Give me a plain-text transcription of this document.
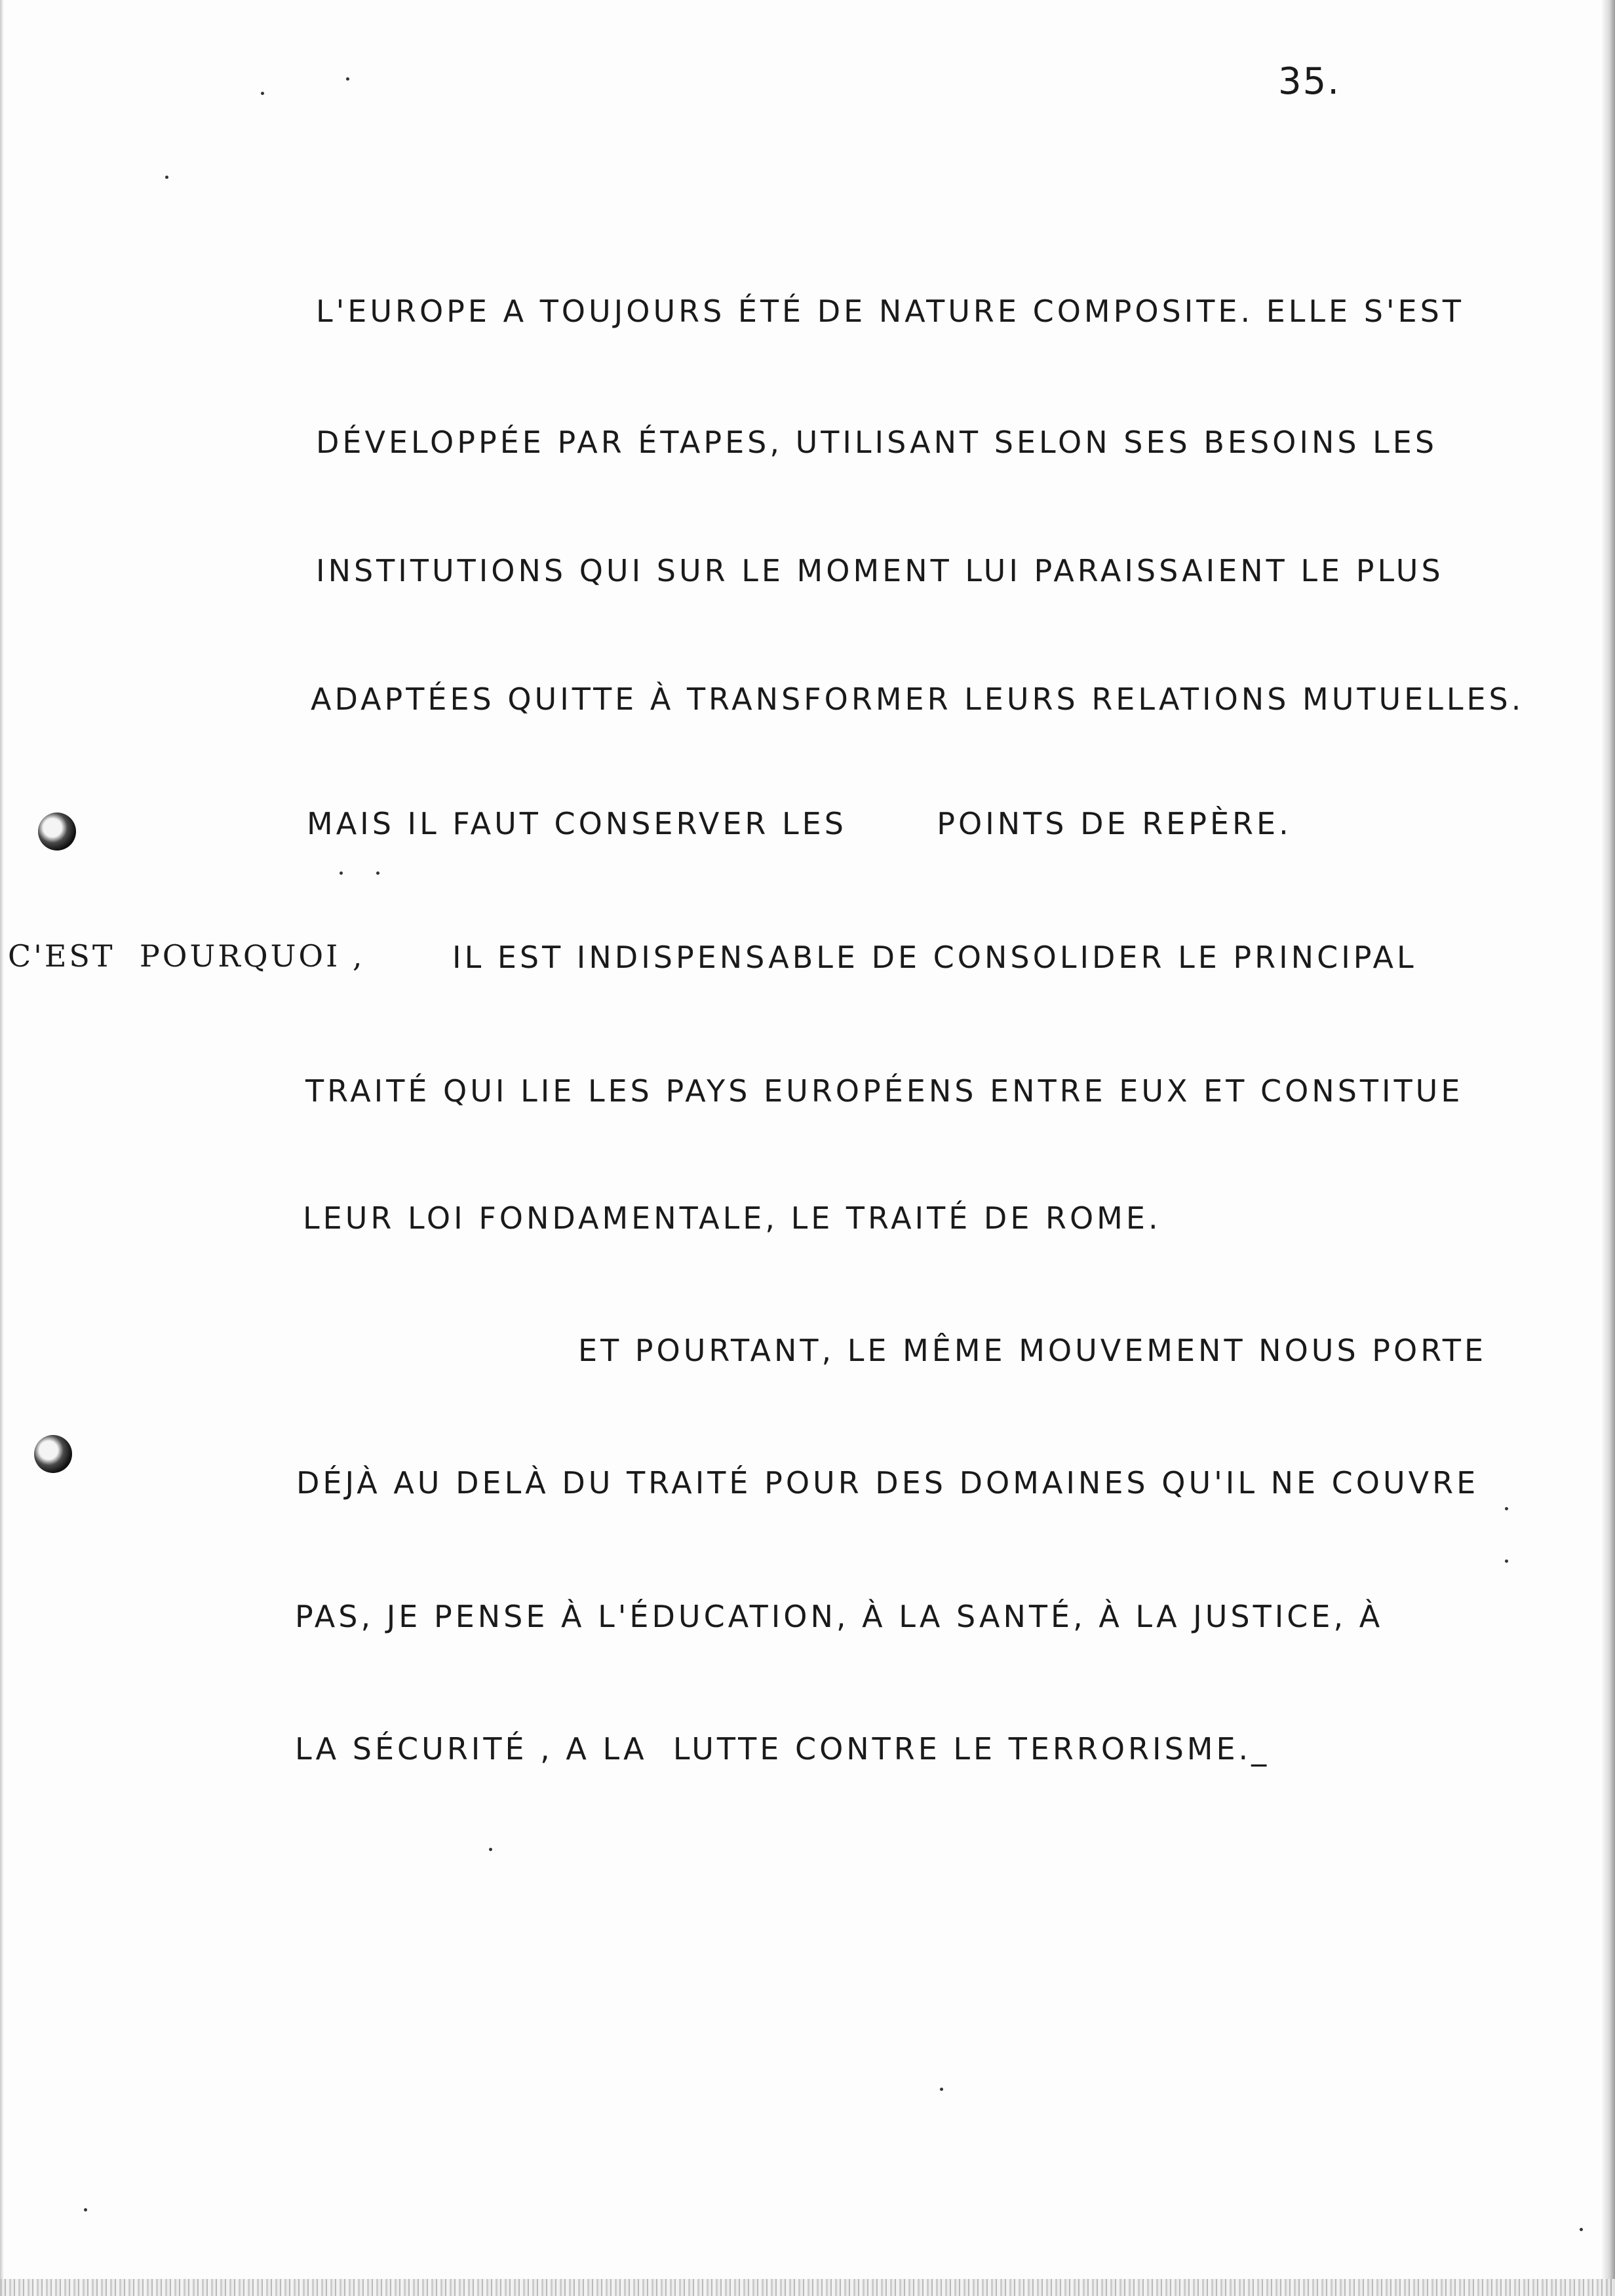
35.
L'EUROPE A TOUJOURS ÉTÉ DE NATURE COMPOSITE. ELLE S'EST
DÉVELOPPÉE PAR ÉTAPES, UTILISANT SELON SES BESOINS LES
INSTITUTIONS QUI SUR LE MOMENT LUI PARAISSAIENT LE PLUS
ADAPTÉES QUITTE À TRANSFORMER LEURS RELATIONS MUTUELLES.
MAIS IL FAUT CONSERVER LES       POINTS DE REPÈRE.
C'EST  POURQUOI ,	IL EST INDISPENSABLE DE CONSOLIDER LE PRINCIPAL
TRAITÉ QUI LIE LES PAYS EUROPÉENS ENTRE EUX ET CONSTITUE
LEUR LOI FONDAMENTALE, LE TRAITÉ DE ROME.
ET POURTANT, LE MÊME MOUVEMENT NOUS PORTE
DÉJÀ AU DELÀ DU TRAITÉ POUR DES DOMAINES QU'IL NE COUVRE
PAS, JE PENSE À L'ÉDUCATION, À LA SANTÉ, À LA JUSTICE, À
LA SÉCURITÉ , A LA  LUTTE CONTRE LE TERRORISME._
